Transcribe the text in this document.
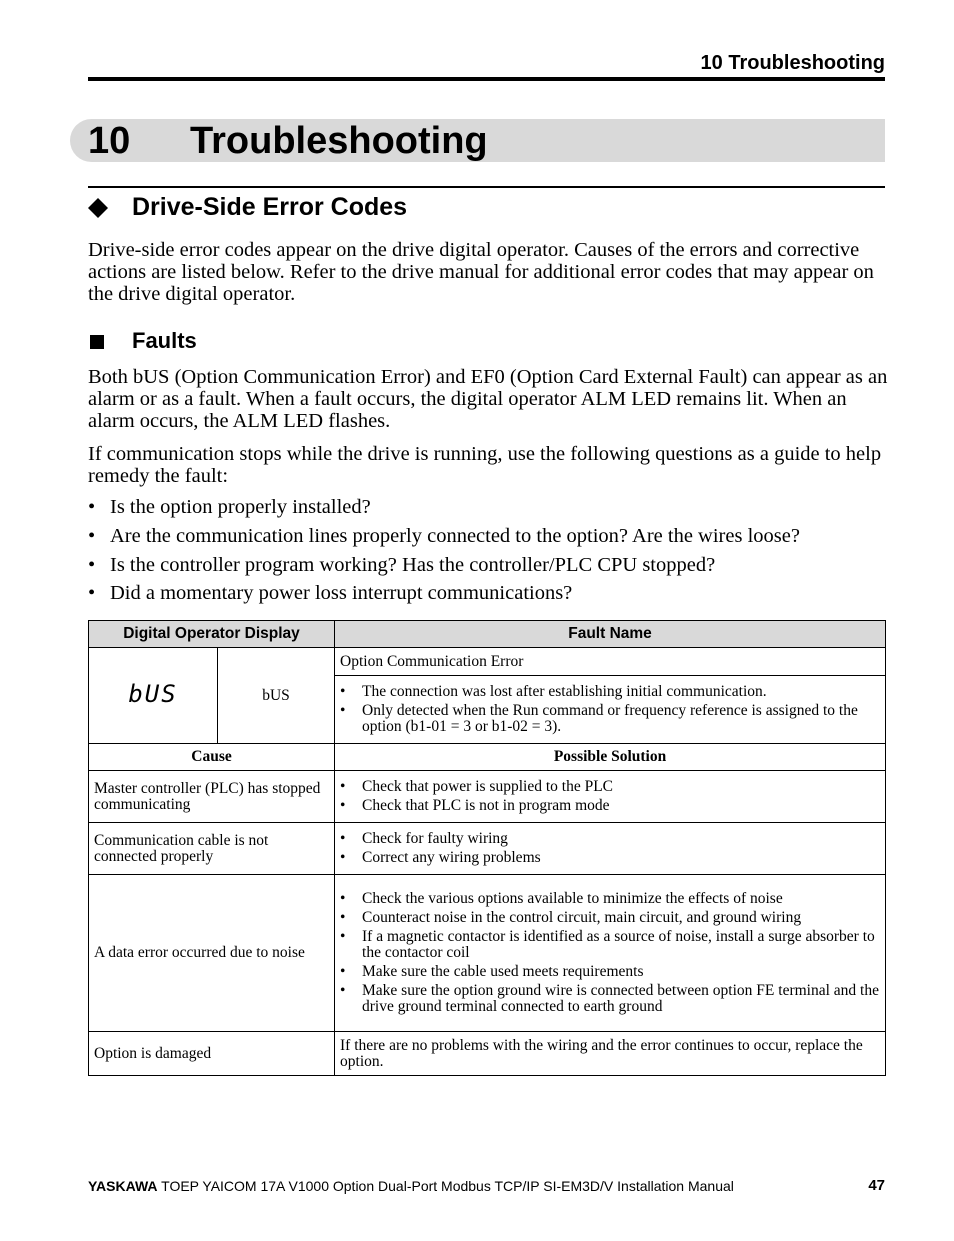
10 Troubleshooting
10 Troubleshooting
Drive-Side Error Codes
Drive-side error codes appear on the drive digital operator. Causes of the errors and corrective actions are listed below. Refer to the drive manual for additional error codes that may appear on the drive digital operator.
Faults
Both bUS (Option Communication Error) and EF0 (Option Card External Fault) can appear as an alarm or as a fault. When a fault occurs, the digital operator ALM LED remains lit. When an alarm occurs, the ALM LED flashes.
If communication stops while the drive is running, use the following questions as a guide to help remedy the fault:
• Is the option properly installed?
• Are the communication lines properly connected to the option? Are the wires loose?
• Is the controller program working? Has the controller/PLC CPU stopped?
• Did a momentary power loss interrupt communications?
Digital Operator Display		Fault Name
bUS	bUS	Option Communication Error

		• The connection was lost after establishing initial communication.
• Only detected when the Run command or frequency reference is assigned to the option (b1-01 = 3 or b1-02 = 3).

Cause		Possible Solution
Master controller (PLC) has stopped communicating		• Check that power is supplied to the PLC
• Check that PLC is not in program mode

Communication cable is not connected properly		• Check for faulty wiring
• Correct any wiring problems

A data error occurred due to noise		• Check the various options available to minimize the effects of noise
• Counteract noise in the control circuit, main circuit, and ground wiring
• If a magnetic contactor is identified as a source of noise, install a surge absorber to the contactor coil
• Make sure the cable used meets requirements
• Make sure the option ground wire is connected between option FE terminal and the drive ground terminal connected to earth ground

Option is damaged		If there are no problems with the wiring and the error continues to occur, replace the option.
YASKAWA TOEP YAICOM 17A V1000 Option Dual-Port Modbus TCP/IP SI-EM3D/V Installation Manual	47
